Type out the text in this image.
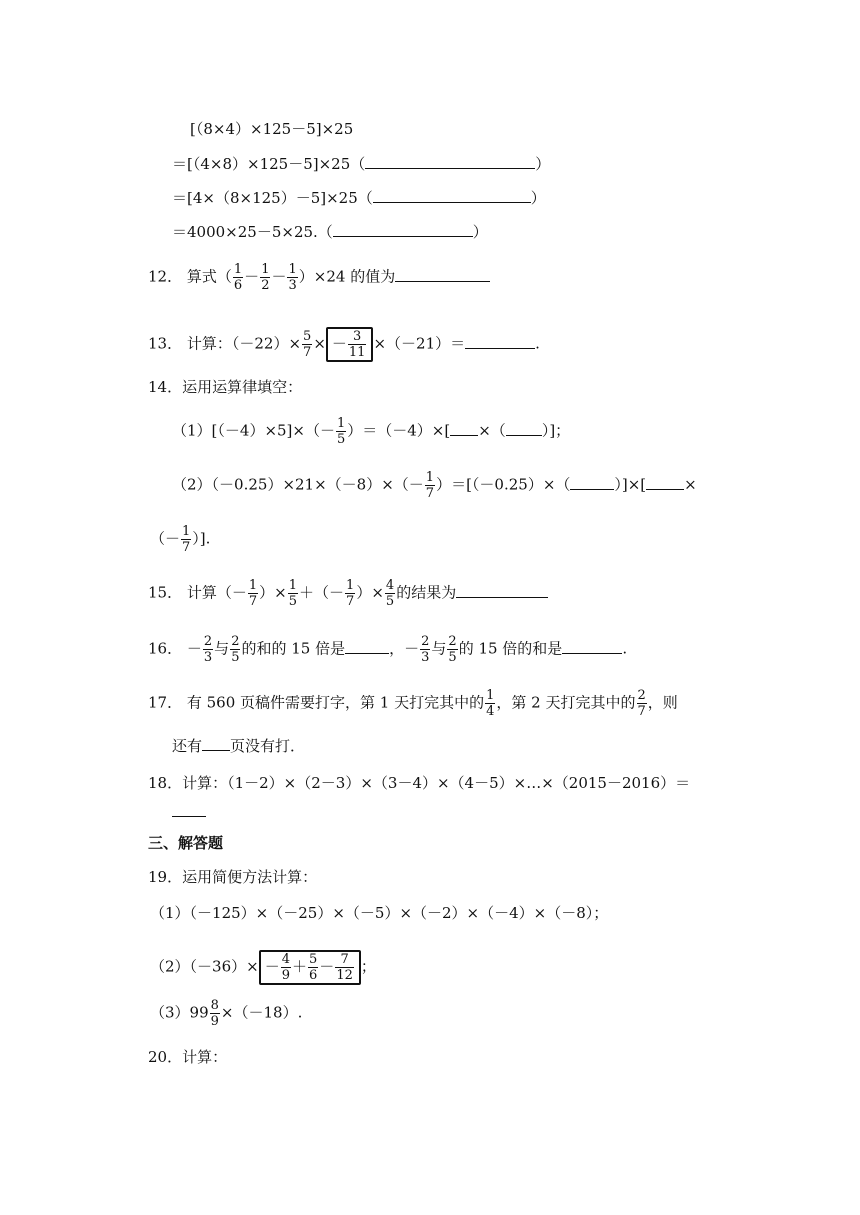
[（8×4）×125－5]×25
＝[（4×8）×125－5]×25（	）
＝[4×（8×125）－5]×25（	）
＝4000×25－5×25.（	）
12． 算式（ $\frac{1}{6} - \frac{1}{2} - \frac{1}{3} )\times 24$ 的值为
13． 计算：$(-22)\times \frac{5}{7}$ × － $\frac{3}{11} \times(-21)=$	.
14．运用运算律填空：
$(1)[(-4)\times 5]\times(- \frac{1}{5} )=(-4)\times$[ ×（ ）]；
$(2)(-0.25)\times 21\times(-8)\times(- \frac{1}{7} )=[(-0.25)\times$（	）]×[	×
（－ $\frac{1}{7}$ ）].
15． 计算（－ $\frac{1}{7}$ ）× $\frac{1}{5}$ ＋（－ $\frac{1}{7}$ ）× $\frac{4}{5}$ 的结果为
16． － $\frac{2}{3}$ 与 $\frac{2}{5}$ 的和的 15 倍是	，－ $\frac{2}{3}$ 与 $\frac{2}{5}$ 的 15 倍的和是	.
17． 有 560 页稿件需要打字，第 1 天打完其中的 $\frac{1}{4}$ ，第 2 天打完其中的 $\frac{2}{7}$ ，则
还有 页没有打．
18．计算：（1－2）×（2－3）×（3－4）×（4－5）×…×（2015－2016）＝
三、解答题
19．运用简便方法计算：
（1）（－125）×（－25）×（－5）×（－2）×（－4）×（－8）；
$(2)(-36)\times - \frac{4}{9} + \frac{5}{6} - \frac{7}{12}$ ；
$(3)99 \frac{8}{9} \times(-18)$.
20．计算：
